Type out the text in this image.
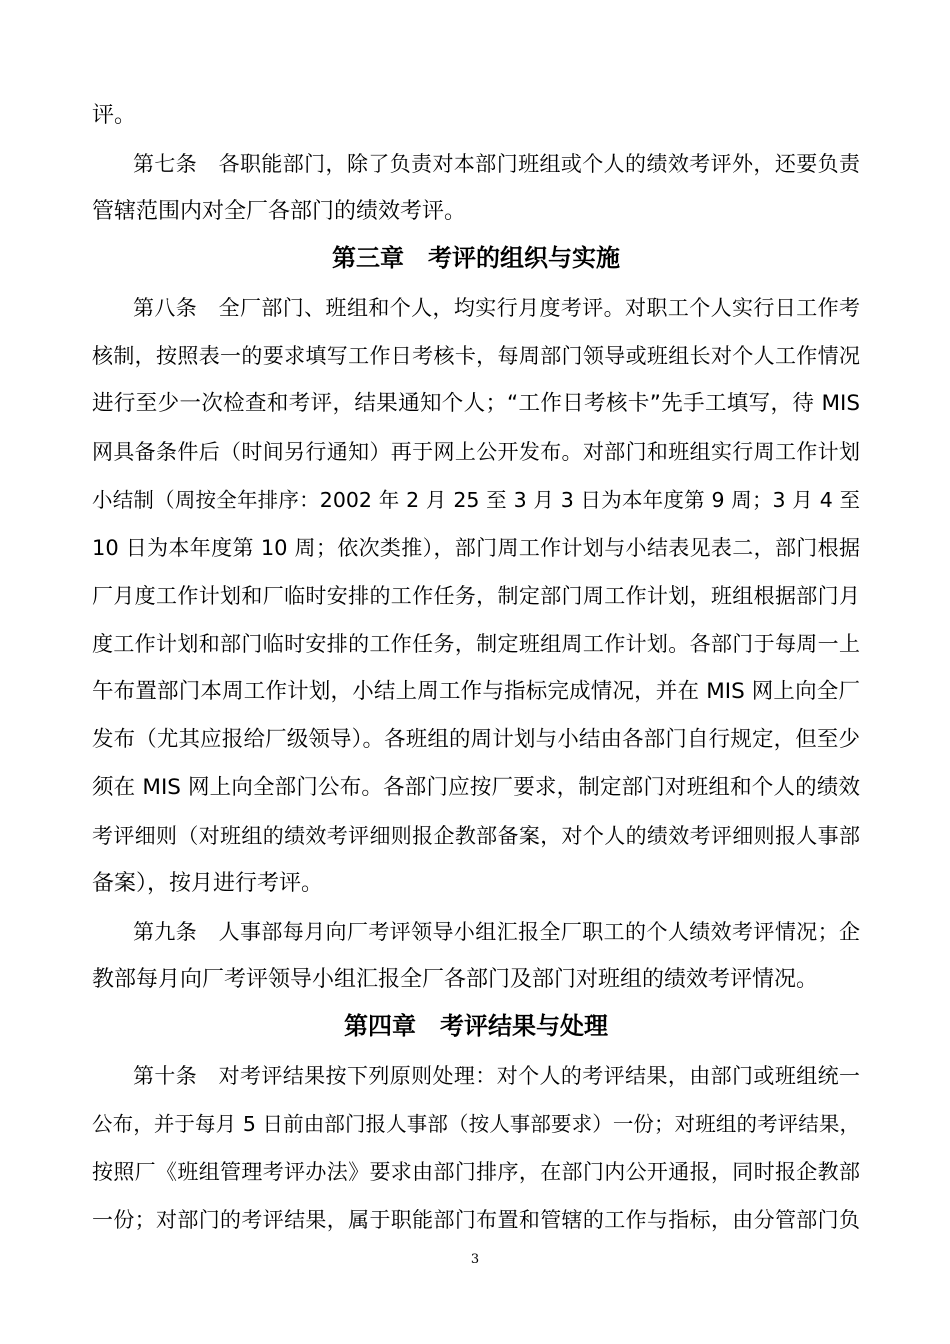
评。
第七条　各职能部门，除了负责对本部门班组或个人的绩效考评外，还要负责
管辖范围内对全厂各部门的绩效考评。
第三章　考评的组织与实施
第八条　全厂部门、班组和个人，均实行月度考评。对职工个人实行日工作考
核制，按照表一的要求填写工作日考核卡，每周部门领导或班组长对个人工作情况
进行至少一次检查和考评，结果通知个人；“工作日考核卡”先手工填写，待 MIS
网具备条件后（时间另行通知）再于网上公开发布。对部门和班组实行周工作计划
小结制（周按全年排序：2002 年 2 月 25 至 3 月 3 日为本年度第 9 周；3 月 4 至
10 日为本年度第 10 周；依次类推），部门周工作计划与小结表见表二，部门根据
厂月度工作计划和厂临时安排的工作任务，制定部门周工作计划，班组根据部门月
度工作计划和部门临时安排的工作任务，制定班组周工作计划。各部门于每周一上
午布置部门本周工作计划，小结上周工作与指标完成情况，并在 MIS 网上向全厂
发布（尤其应报给厂级领导）。各班组的周计划与小结由各部门自行规定，但至少
须在 MIS 网上向全部门公布。各部门应按厂要求，制定部门对班组和个人的绩效
考评细则（对班组的绩效考评细则报企教部备案，对个人的绩效考评细则报人事部
备案），按月进行考评。
第九条　人事部每月向厂考评领导小组汇报全厂职工的个人绩效考评情况；企
教部每月向厂考评领导小组汇报全厂各部门及部门对班组的绩效考评情况。
第四章　考评结果与处理
第十条　对考评结果按下列原则处理：对个人的考评结果，由部门或班组统一
公布，并于每月 5 日前由部门报人事部（按人事部要求）一份；对班组的考评结果，
按照厂《班组管理考评办法》要求由部门排序，在部门内公开通报，同时报企教部
一份；对部门的考评结果，属于职能部门布置和管辖的工作与指标，由分管部门负
3
